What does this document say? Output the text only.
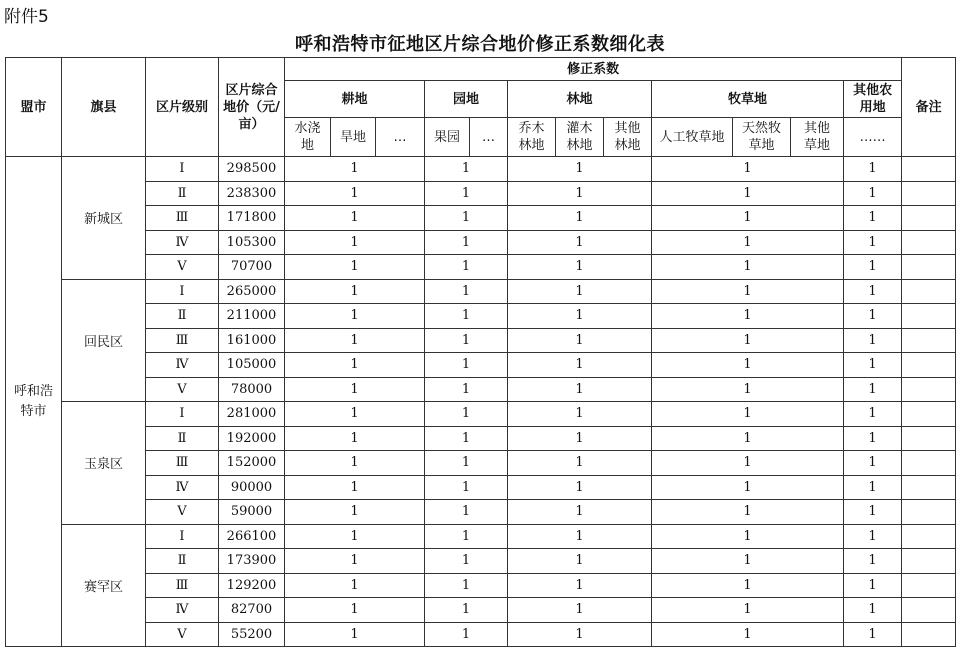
附件5
呼和浩特市征地区片综合地价修正系数细化表
盟市	旗县	区片级别	区片综合地价（元/亩）	修正系数												备注
				耕地			园地		林地			牧草地			其他农用地	
				水浇地	旱地	…	果园	…	乔木林地	灌木林地	其他林地	人工牧草地	天然牧草地	其他草地	……	
呼和浩特市	新城区	Ⅰ	298500	1			1		1			1			1	
		Ⅱ	238300	1			1		1			1			1	
		Ⅲ	171800	1			1		1			1			1	
		Ⅳ	105300	1			1		1			1			1	
		Ⅴ	70700	1			1		1			1			1	
	回民区	Ⅰ	265000	1			1		1			1			1	
		Ⅱ	211000	1			1		1			1			1	
		Ⅲ	161000	1			1		1			1			1	
		Ⅳ	105000	1			1		1			1			1	
		Ⅴ	78000	1			1		1			1			1	
	玉泉区	Ⅰ	281000	1			1		1			1			1	
		Ⅱ	192000	1			1		1			1			1	
		Ⅲ	152000	1			1		1			1			1	
		Ⅳ	90000	1			1		1			1			1	
		Ⅴ	59000	1			1		1			1			1	
	赛罕区	Ⅰ	266100	1			1		1			1			1	
		Ⅱ	173900	1			1		1			1			1	
		Ⅲ	129200	1			1		1			1			1	
		Ⅳ	82700	1			1		1			1			1	
		Ⅴ	55200	1			1		1			1			1	
